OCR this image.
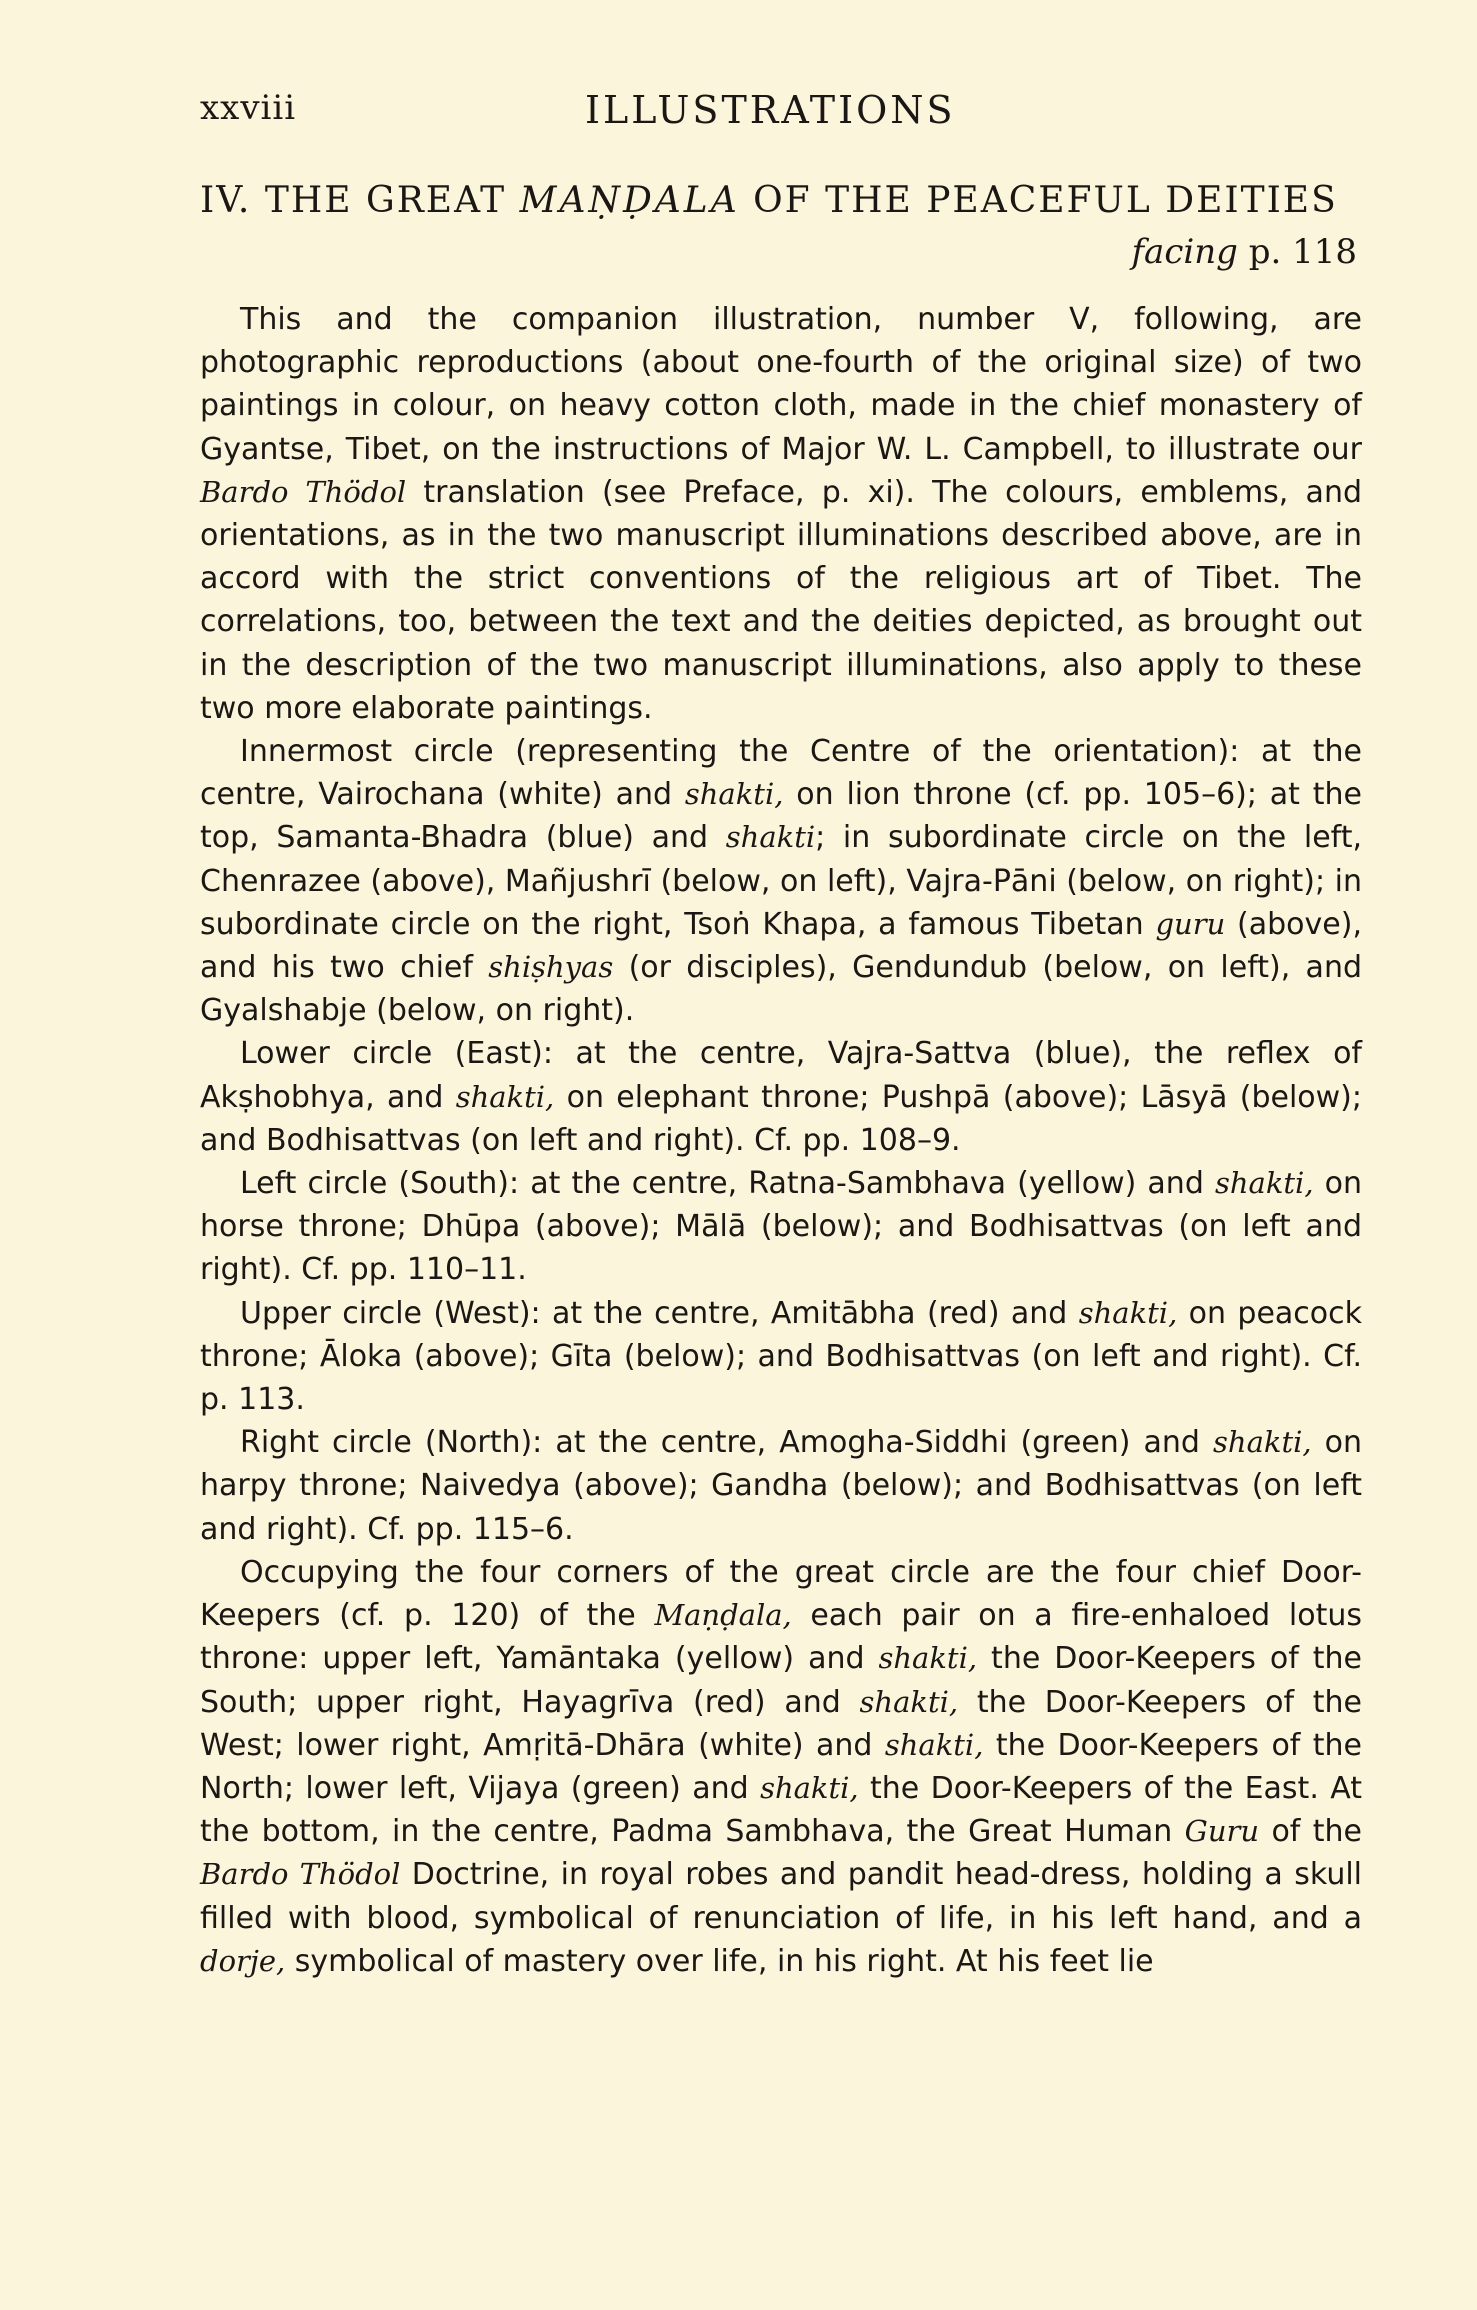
xxviii	ILLUSTRATIONS
IV. THE GREAT MAṆḌALA OF THE PEACEFUL DEITIES
facing p. 118

This and the companion illustration, number V, following, are photographic reproductions (about one-fourth of the original size) of two paintings in colour, on heavy cotton cloth, made in the chief monastery of Gyantse, Tibet, on the instructions of Major W. L. Campbell, to illustrate our Bardo Thödol translation (see Preface, p. xi). The colours, emblems, and orientations, as in the two manuscript illuminations described above, are in accord with the strict conventions of the religious art of Tibet. The correlations, too, between the text and the deities depicted, as brought out in the description of the two manuscript illuminations, also apply to these two more elaborate paintings.

Innermost circle (representing the Centre of the orientation): at the centre, Vairochana (white) and shakti, on lion throne (cf. pp. 105–6); at the top, Samanta-Bhadra (blue) and shakti; in subordinate circle on the left, Chenrazee (above), Mañjushrī (below, on left), Vajra-Pāni (below, on right); in subordinate circle on the right, Tsoṅ Khapa, a famous Tibetan guru (above), and his two chief shiṣhyas (or disciples), Gendundub (below, on left), and Gyalshabje (below, on right).

Lower circle (East): at the centre, Vajra-Sattva (blue), the reflex of Akṣhobhya, and shakti, on elephant throne; Pushpā (above); Lāsyā (below); and Bodhisattvas (on left and right). Cf. pp. 108–9.

Left circle (South): at the centre, Ratna-Sambhava (yellow) and shakti, on horse throne; Dhūpa (above); Mālā (below); and Bodhisattvas (on left and right). Cf. pp. 110–11.

Upper circle (West): at the centre, Amitābha (red) and shakti, on peacock throne; Āloka (above); Gīta (below); and Bodhisattvas (on left and right). Cf. p. 113.

Right circle (North): at the centre, Amogha-Siddhi (green) and shakti, on harpy throne; Naivedya (above); Gandha (below); and Bodhisattvas (on left and right). Cf. pp. 115–6.

Occupying the four corners of the great circle are the four chief Door-Keepers (cf. p. 120) of the Maṇḍala, each pair on a fire-enhaloed lotus throne: upper left, Yamāntaka (yellow) and shakti, the Door-Keepers of the South; upper right, Hayagrīva (red) and shakti, the Door-Keepers of the West; lower right, Amṛitā-Dhāra (white) and shakti, the Door-Keepers of the North; lower left, Vijaya (green) and shakti, the Door-Keepers of the East. At the bottom, in the centre, Padma Sambhava, the Great Human Guru of the Bardo Thödol Doctrine, in royal robes and pandit head-dress, holding a skull filled with blood, symbolical of renunciation of life, in his left hand, and a dorje, symbolical of mastery over life, in his right. At his feet lie
